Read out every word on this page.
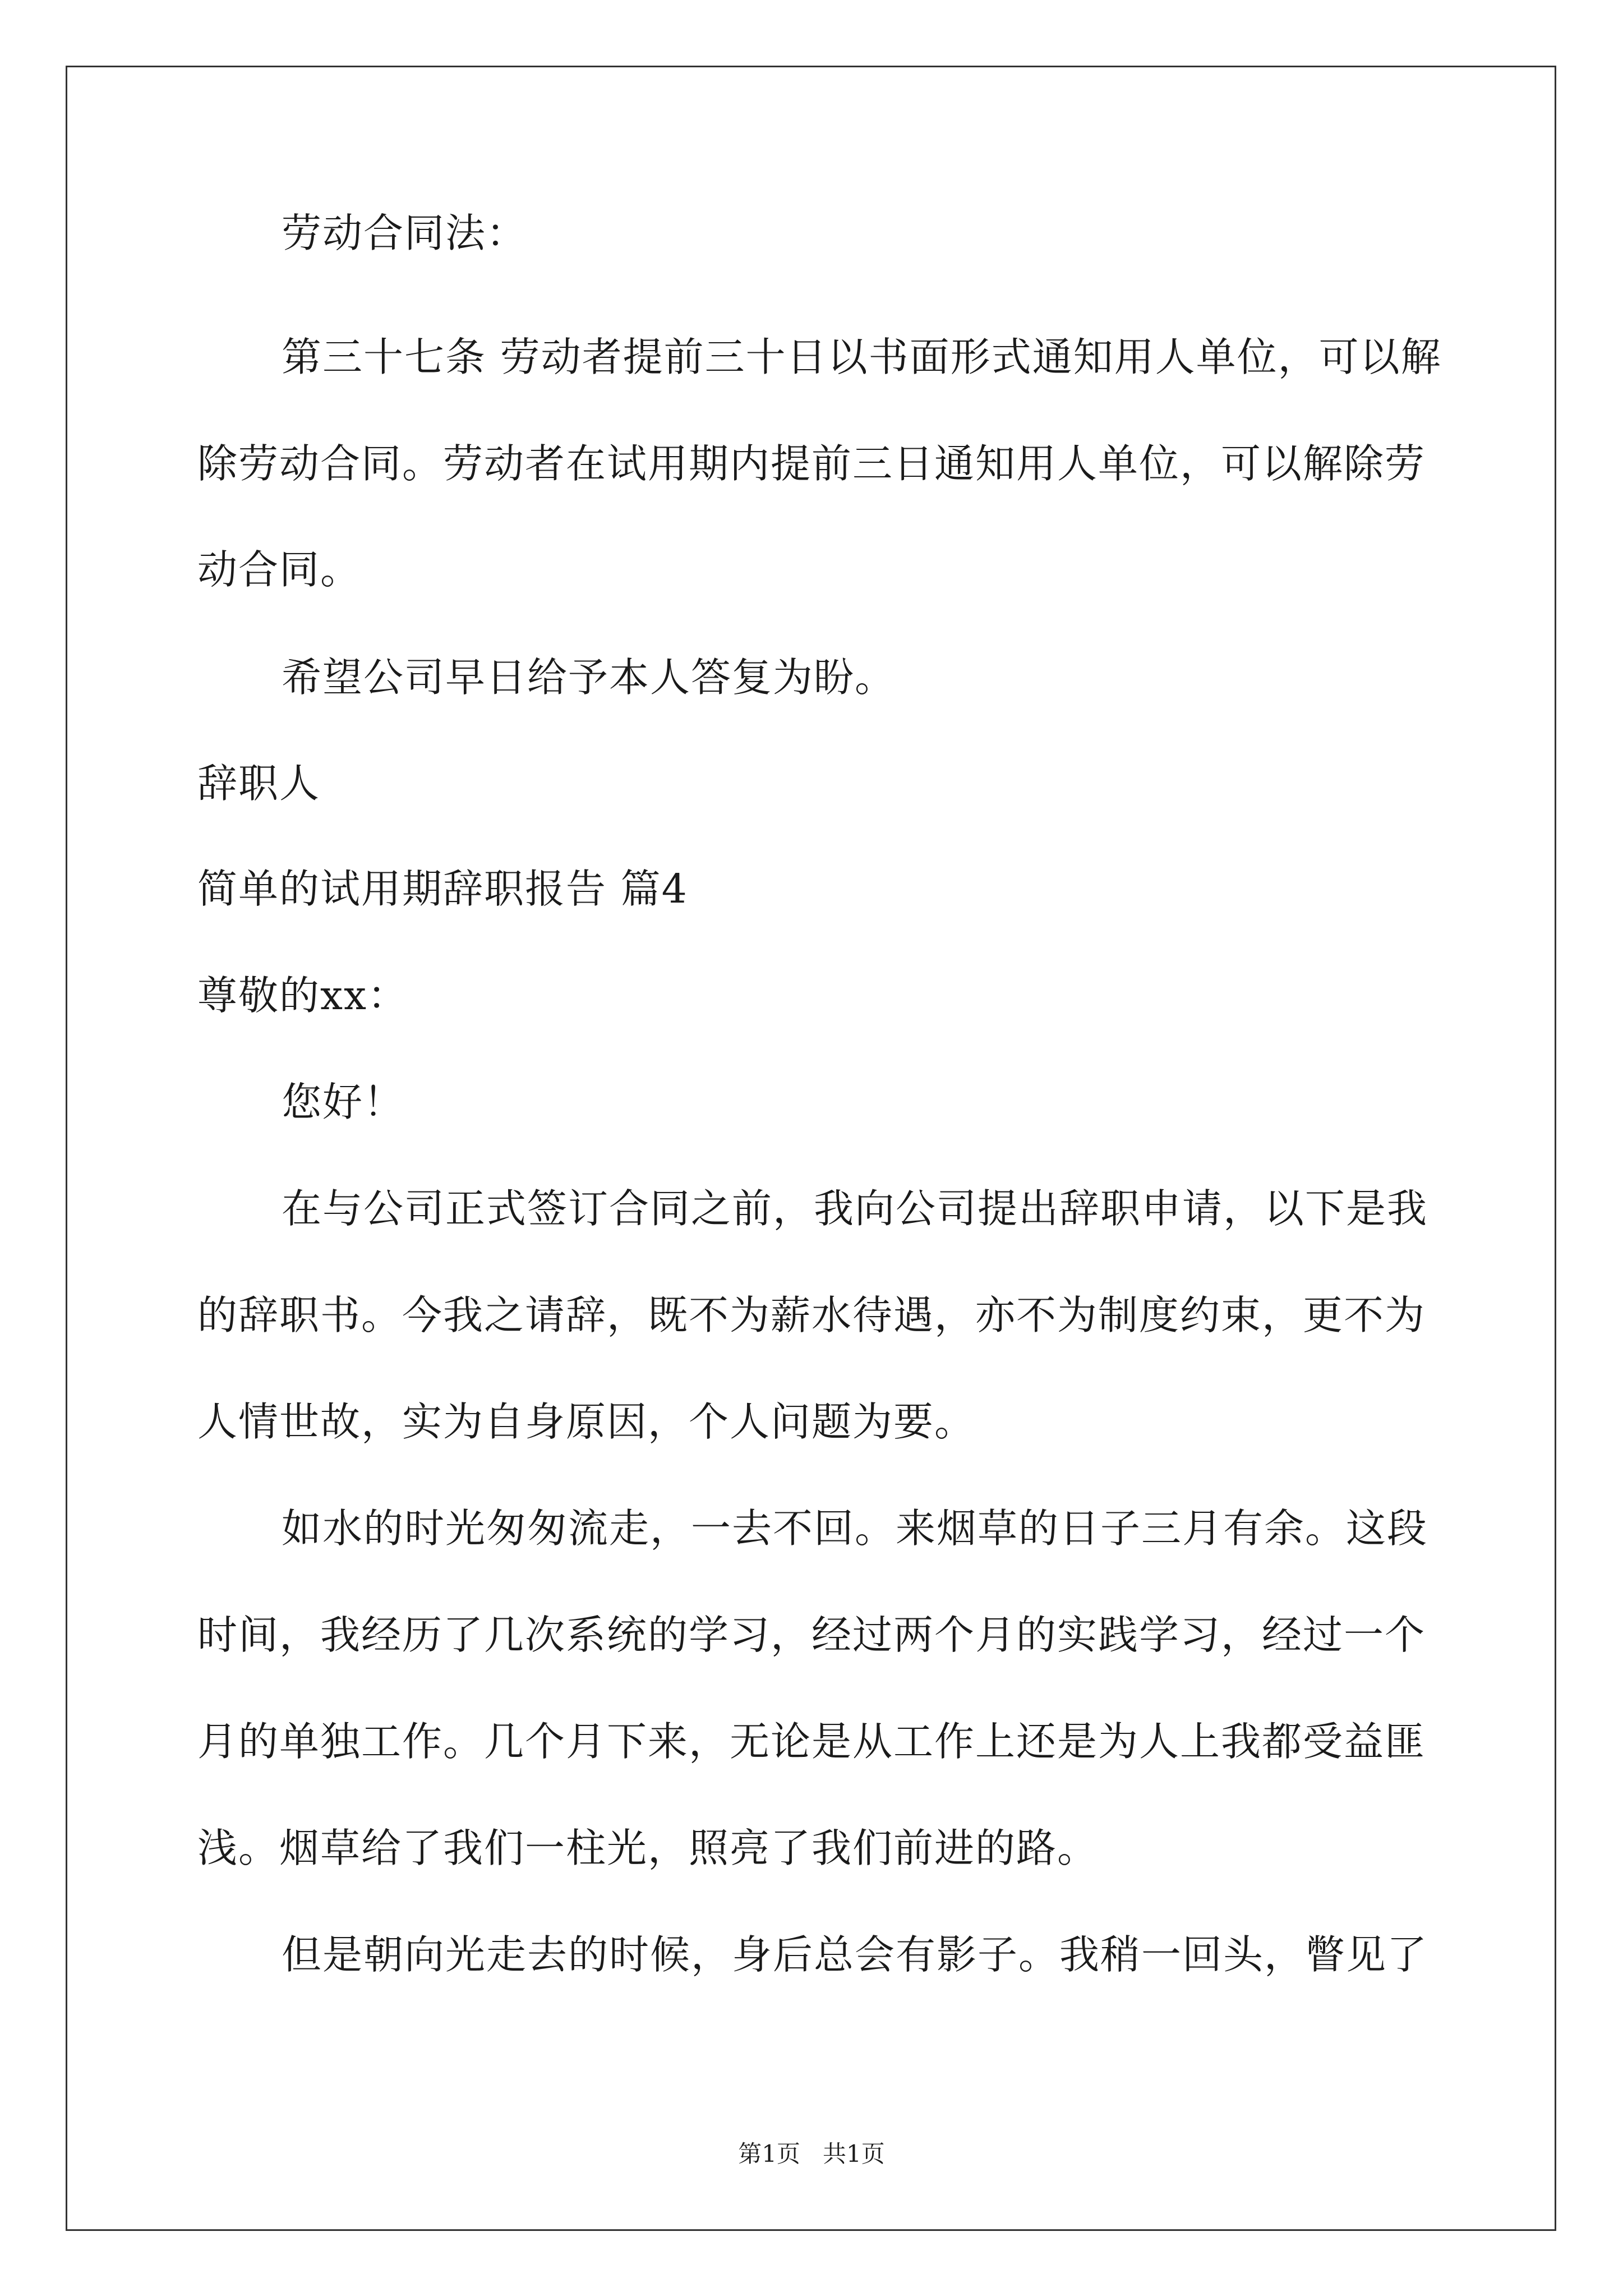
劳动合同法：
第三十七条 劳动者提前三十日以书面形式通知用人单位，可以解
除劳动合同。劳动者在试用期内提前三日通知用人单位，可以解除劳
动合同。
希望公司早日给予本人答复为盼。
辞职人
简单的试用期辞职报告 篇4
尊敬的xx：
您好！
在与公司正式签订合同之前，我向公司提出辞职申请，以下是我
的辞职书。今我之请辞，既不为薪水待遇，亦不为制度约束，更不为
人情世故，实为自身原因，个人问题为要。
如水的时光匆匆流走，一去不回。来烟草的日子三月有余。这段
时间，我经历了几次系统的学习，经过两个月的实践学习，经过一个
月的单独工作。几个月下来，无论是从工作上还是为人上我都受益匪
浅。烟草给了我们一柱光，照亮了我们前进的路。
但是朝向光走去的时候，身后总会有影子。我稍一回头，瞥见了
第1页 共1页
